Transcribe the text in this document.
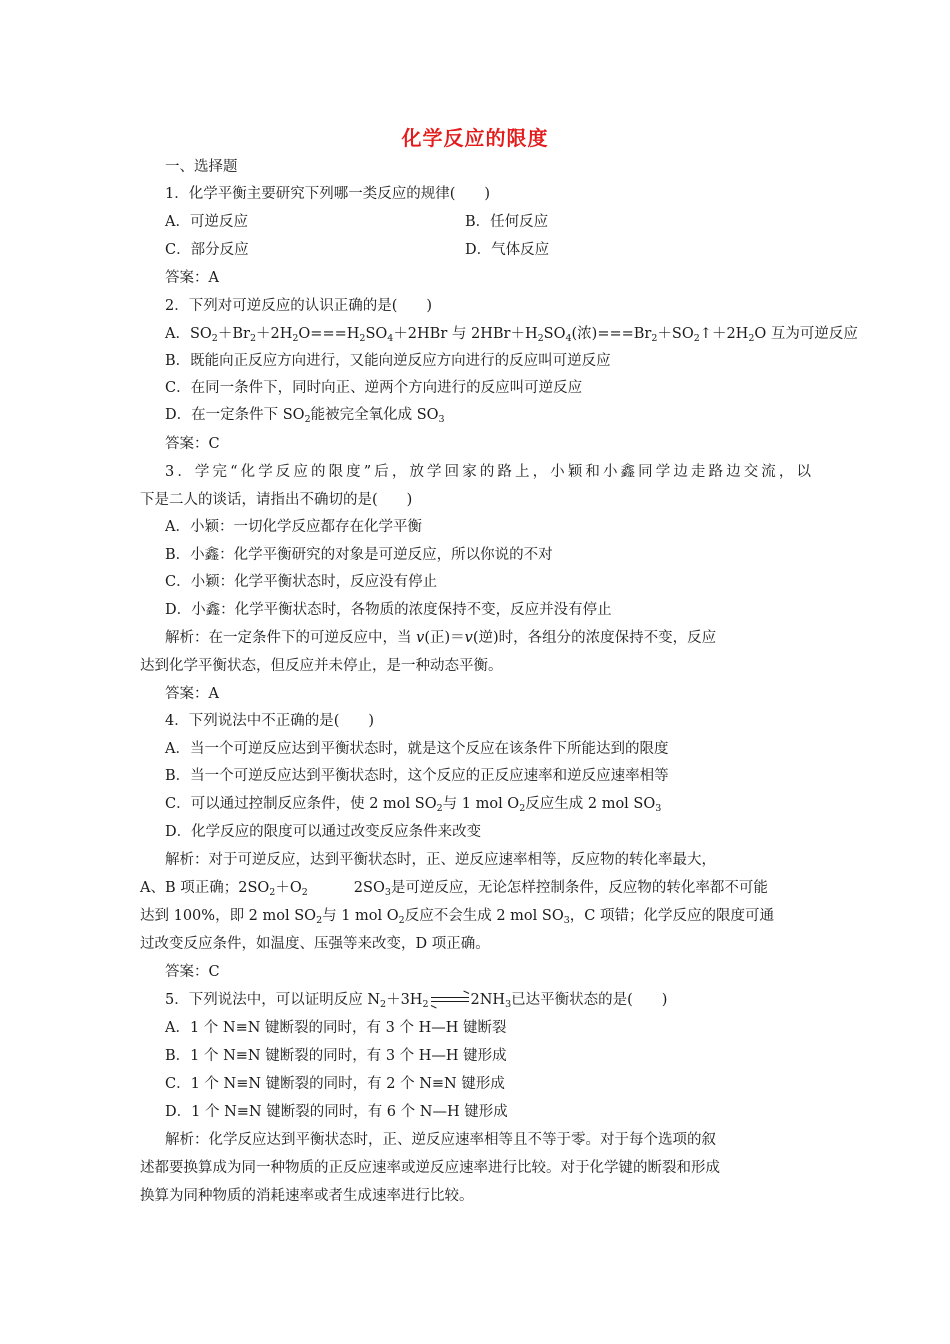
化学反应的限度
一、选择题
1．化学平衡主要研究下列哪一类反应的规律(　　)
A．可逆反应	B．任何反应
C．部分反应	D．气体反应
答案：A
2．下列对可逆反应的认识正确的是(　　)
A．$SO_2+Br_2+2H_2O===H_2SO_4+2HBr$ 与 $2HBr+H_2SO_4$(浓)$===Br_2+SO_2↑+2H_2O$ 互为可逆反应
B．既能向正反应方向进行，又能向逆反应方向进行的反应叫可逆反应
C．在同一条件下，同时向正、逆两个方向进行的反应叫可逆反应
D．在一定条件下 $SO_2$能被完全氧化成 $SO_3$
答案：C
3．学完“化学反应的限度”后，放学回家的路上，小颖和小鑫同学边走路边交流，以
下是二人的谈话，请指出不确切的是(　　)
A．小颖：一切化学反应都存在化学平衡
B．小鑫：化学平衡研究的对象是可逆反应，所以你说的不对
C．小颖：化学平衡状态时，反应没有停止
D．小鑫：化学平衡状态时，各物质的浓度保持不变，反应并没有停止
解析：在一定条件下的可逆反应中，当 v(正)＝v(逆)时，各组分的浓度保持不变，反应
达到化学平衡状态，但反应并未停止，是一种动态平衡。
答案：A
4．下列说法中不正确的是(　　)
A．当一个可逆反应达到平衡状态时，就是这个反应在该条件下所能达到的限度
B．当一个可逆反应达到平衡状态时，这个反应的正反应速率和逆反应速率相等
C．可以通过控制反应条件，使 2 mol $SO_2$与 1 mol $O_2$反应生成 2 mol $SO_3$
D．化学反应的限度可以通过改变反应条件来改变
解析：对于可逆反应，达到平衡状态时，正、逆反应速率相等，反应物的转化率最大，
A、B 项正确；$2SO_2+O_2$	$2SO_3$是可逆反应，无论怎样控制条件，反应物的转化率都不可能
达到 100%，即 2 mol $SO_2$与 1 mol $O_2$反应不会生成 2 mol $SO_3$，C 项错；化学反应的限度可通
过改变反应条件，如温度、压强等来改变，D 项正确。
答案：C
5．下列说法中，可以证明反应 $N_2+3H_2$	$2NH_3$已达平衡状态的是(　　)
A．1 个 N≡N 键断裂的同时，有 3 个 H—H 键断裂
B．1 个 N≡N 键断裂的同时，有 3 个 H—H 键形成
C．1 个 N≡N 键断裂的同时，有 2 个 N≡N 键形成
D．1 个 N≡N 键断裂的同时，有 6 个 N—H 键形成
解析：化学反应达到平衡状态时，正、逆反应速率相等且不等于零。对于每个选项的叙
述都要换算成为同一种物质的正反应速率或逆反应速率进行比较。对于化学键的断裂和形成
换算为同种物质的消耗速率或者生成速率进行比较。
